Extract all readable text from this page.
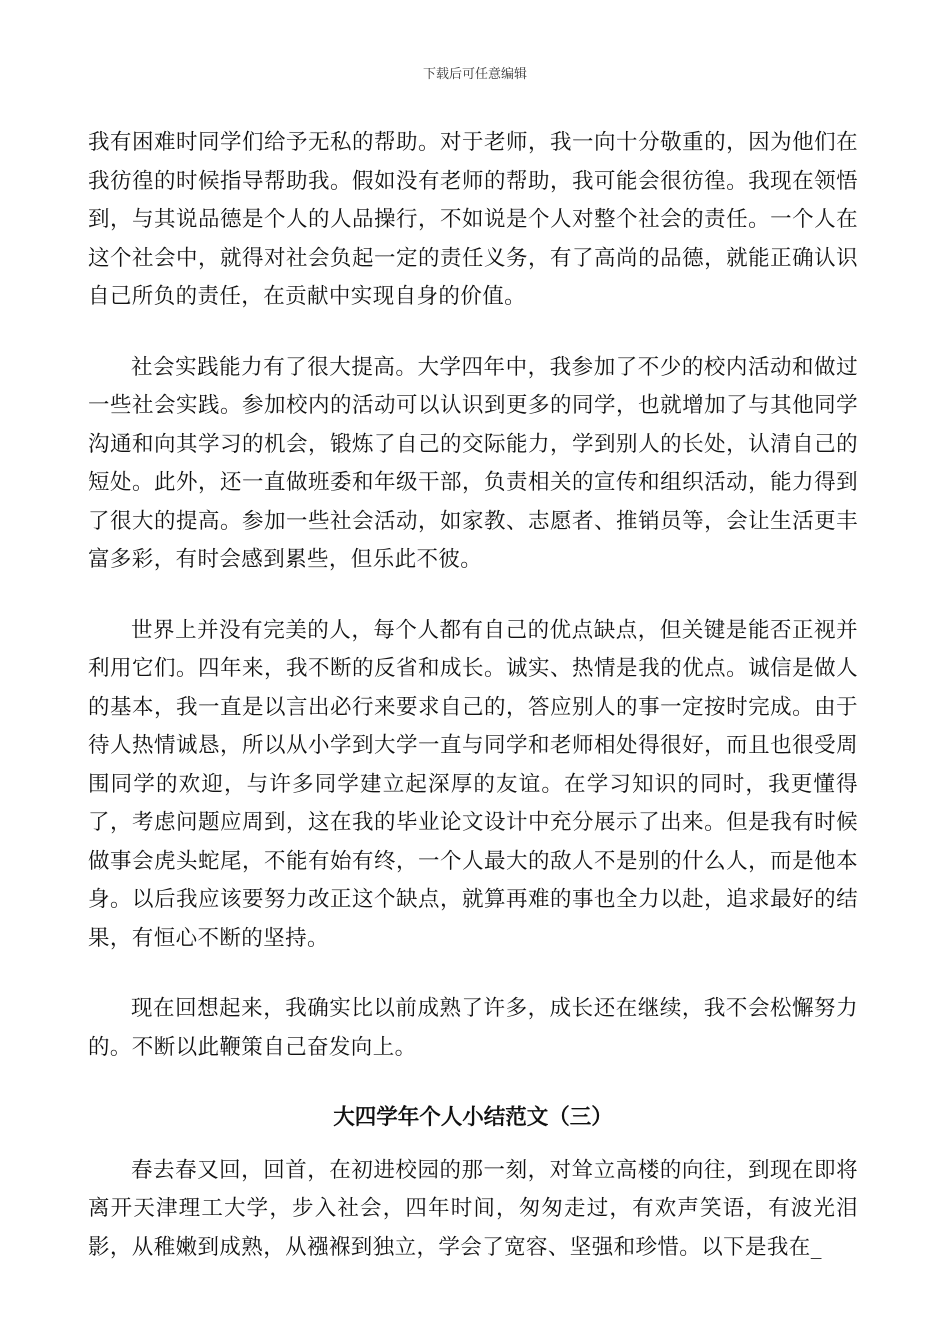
下载后可任意编辑

我有困难时同学们给予无私的帮助。对于老师，我一向十分敬重的，因为他们在我彷徨的时候指导帮助我。假如没有老师的帮助，我可能会很彷徨。我现在领悟到，与其说品德是个人的人品操行，不如说是个人对整个社会的责任。一个人在这个社会中，就得对社会负起一定的责任义务，有了高尚的品德，就能正确认识自己所负的责任，在贡献中实现自身的价值。

社会实践能力有了很大提高。大学四年中，我参加了不少的校内活动和做过一些社会实践。参加校内的活动可以认识到更多的同学，也就增加了与其他同学沟通和向其学习的机会，锻炼了自己的交际能力，学到别人的长处，认清自己的短处。此外，还一直做班委和年级干部，负责相关的宣传和组织活动，能力得到了很大的提高。参加一些社会活动，如家教、志愿者、推销员等，会让生活更丰富多彩，有时会感到累些，但乐此不彼。

世界上并没有完美的人，每个人都有自己的优点缺点，但关键是能否正视并利用它们。四年来，我不断的反省和成长。诚实、热情是我的优点。诚信是做人的基本，我一直是以言出必行来要求自己的，答应别人的事一定按时完成。由于待人热情诚恳，所以从小学到大学一直与同学和老师相处得很好，而且也很受周围同学的欢迎，与许多同学建立起深厚的友谊。在学习知识的同时，我更懂得了，考虑问题应周到，这在我的毕业论文设计中充分展示了出来。但是我有时候做事会虎头蛇尾，不能有始有终，一个人最大的敌人不是别的什么人，而是他本身。以后我应该要努力改正这个缺点，就算再难的事也全力以赴，追求最好的结果，有恒心不断的坚持。

现在回想起来，我确实比以前成熟了许多，成长还在继续，我不会松懈努力的。不断以此鞭策自己奋发向上。

大四学年个人小结范文（三）

春去春又回，回首，在初进校园的那一刻，对耸立高楼的向往，到现在即将离开天津理工大学，步入社会，四年时间，匆匆走过，有欢声笑语，有波光泪影，从稚嫩到成熟，从襁褓到独立，学会了宽容、坚强和珍惜。以下是我在_
